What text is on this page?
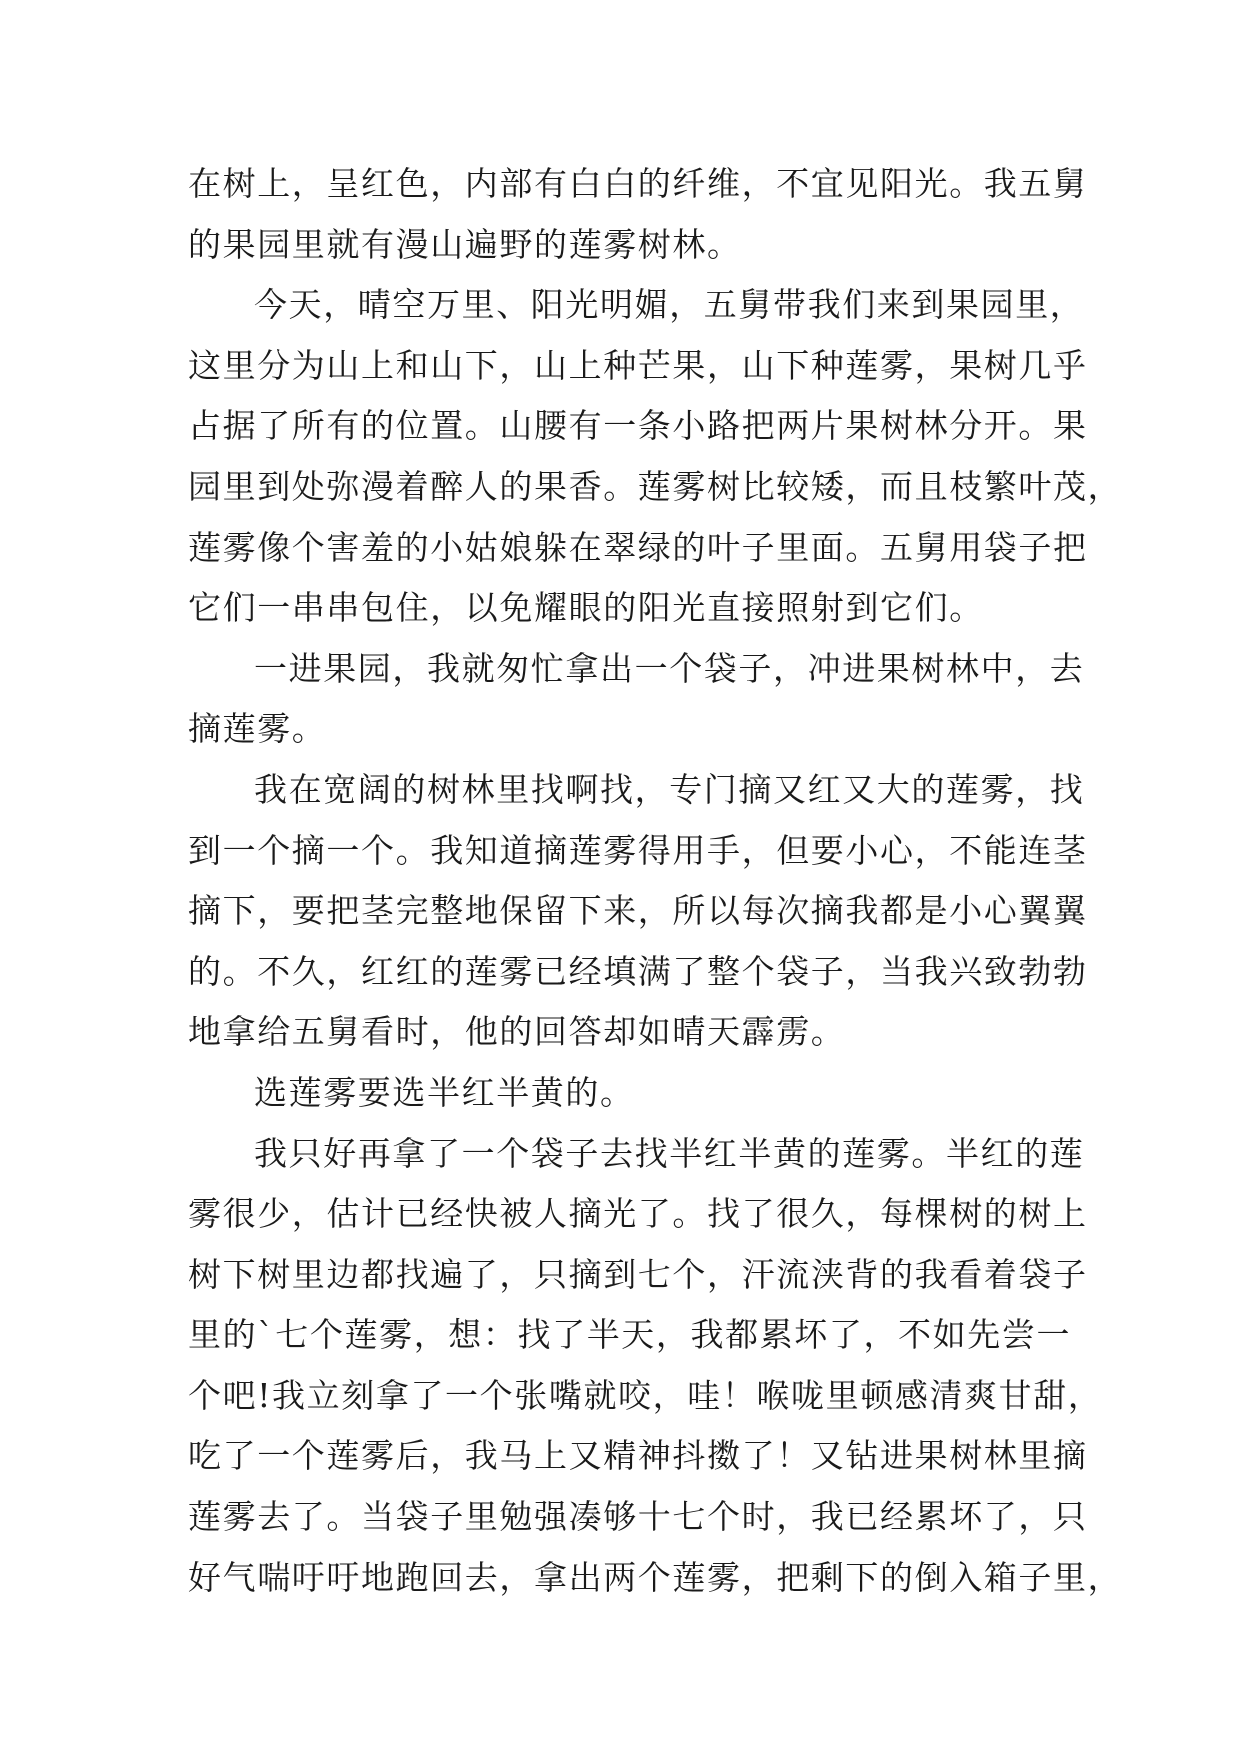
在树上，呈红色，内部有白白的纤维，不宜见阳光。我五舅
的果园里就有漫山遍野的莲雾树林。
今天，晴空万里、阳光明媚，五舅带我们来到果园里，
这里分为山上和山下，山上种芒果，山下种莲雾，果树几乎
占据了所有的位置。山腰有一条小路把两片果树林分开。果
园里到处弥漫着醉人的果香。莲雾树比较矮，而且枝繁叶茂，
莲雾像个害羞的小姑娘躲在翠绿的叶子里面。五舅用袋子把
它们一串串包住，以免耀眼的阳光直接照射到它们。
一进果园，我就匆忙拿出一个袋子，冲进果树林中，去
摘莲雾。
我在宽阔的树林里找啊找，专门摘又红又大的莲雾，找
到一个摘一个。我知道摘莲雾得用手，但要小心，不能连茎
摘下，要把茎完整地保留下来，所以每次摘我都是小心翼翼
的。不久，红红的莲雾已经填满了整个袋子，当我兴致勃勃
地拿给五舅看时，他的回答却如晴天霹雳。
选莲雾要选半红半黄的。
我只好再拿了一个袋子去找半红半黄的莲雾。半红的莲
雾很少，估计已经快被人摘光了。找了很久，每棵树的树上
树下树里边都找遍了，只摘到七个，汗流浃背的我看着袋子
里的`七个莲雾，想：找了半天，我都累坏了，不如先尝一
个吧!我立刻拿了一个张嘴就咬，哇！喉咙里顿感清爽甘甜，
吃了一个莲雾后，我马上又精神抖擞了！又钻进果树林里摘
莲雾去了。当袋子里勉强凑够十七个时，我已经累坏了，只
好气喘吁吁地跑回去，拿出两个莲雾，把剩下的倒入箱子里，
